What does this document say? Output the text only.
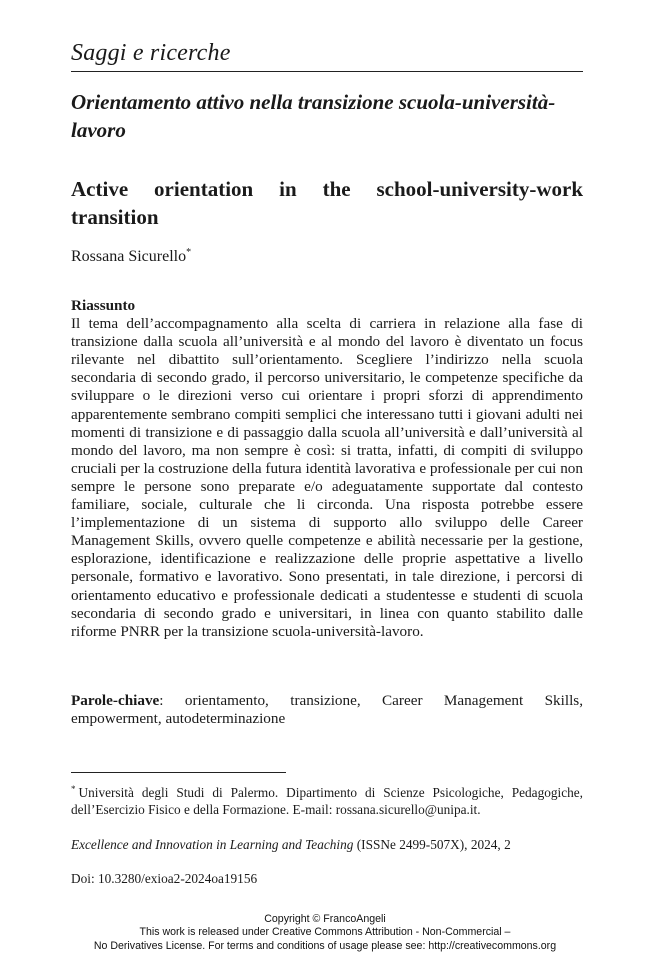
Saggi e ricerche
Orientamento attivo nella transizione scuola-università-lavoro
Active orientation in the school-university-work transition
Rossana Sicurello*
Riassunto
Il tema dell’accompagnamento alla scelta di carriera in relazione alla fase di transizione dalla scuola all’università e al mondo del lavoro è diventato un focus rilevante nel dibattito sull’orientamento. Scegliere l’indirizzo nella scuola secondaria di secondo grado, il percorso universitario, le competenze specifiche da sviluppare o le direzioni verso cui orientare i propri sforzi di apprendimento apparentemente sembrano compiti semplici che interessano tutti i giovani adulti nei momenti di transizione e di passaggio dalla scuola all’università e dall’università al mondo del lavoro, ma non sempre è così: si tratta, infatti, di compiti di sviluppo cruciali per la costruzione della futura identità lavorativa e professionale per cui non sempre le persone sono preparate e/o adeguatamente supportate dal contesto familiare, sociale, culturale che li circonda. Una risposta potrebbe essere l’implementazione di un sistema di supporto allo sviluppo delle Career Management Skills, ovvero quelle competenze e abilità necessarie per la gestione, esplorazione, identificazione e realizzazione delle proprie aspettative a livello personale, formativo e lavorativo. Sono presentati, in tale direzione, i percorsi di orientamento educativo e professionale dedicati a studentesse e studenti di scuola secondaria di secondo grado e universitari, in linea con quanto stabilito dalle riforme PNRR per la transizione scuola-università-lavoro.
Parole-chiave: orientamento, transizione, Career Management Skills, empowerment, autodeterminazione
* Università degli Studi di Palermo. Dipartimento di Scienze Psicologiche, Pedagogiche, dell’Esercizio Fisico e della Formazione. E-mail: rossana.sicurello@unipa.it.
Excellence and Innovation in Learning and Teaching (ISSNe 2499-507X), 2024, 2
Doi: 10.3280/exioa2-2024oa19156
Copyright © FrancoAngeli
This work is released under Creative Commons Attribution - Non-Commercial –
No Derivatives License. For terms and conditions of usage please see: http://creativecommons.org
